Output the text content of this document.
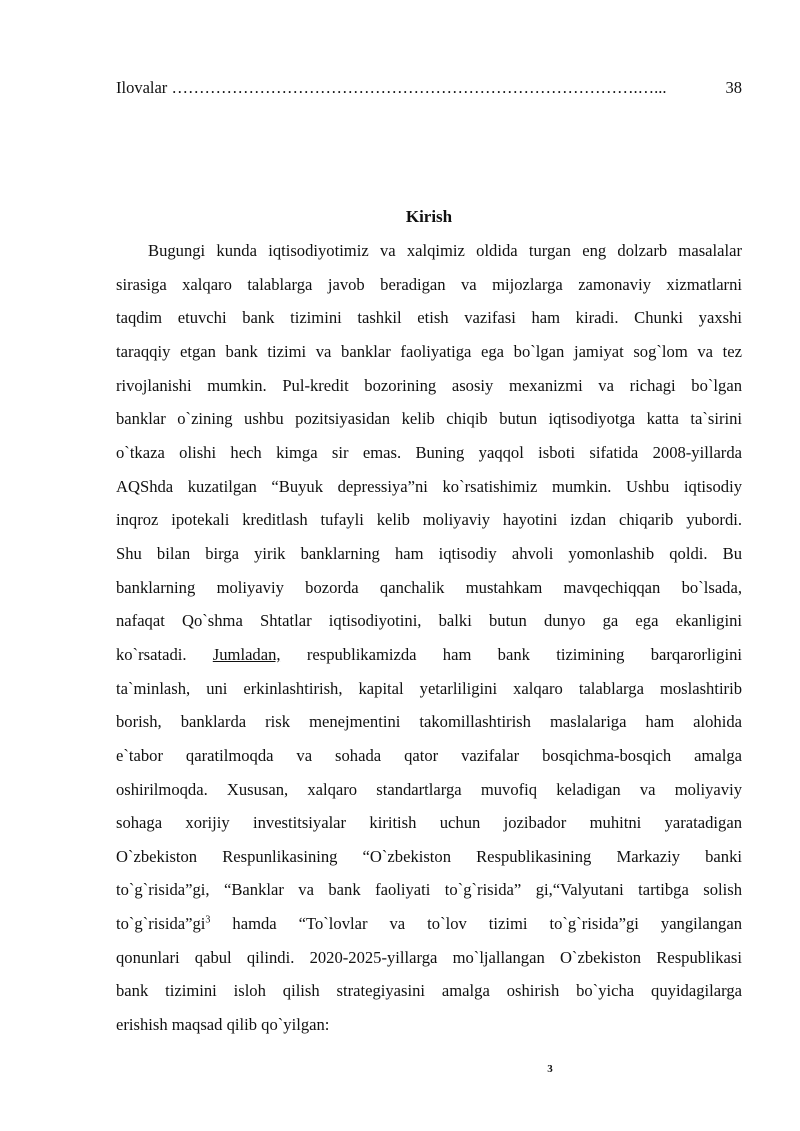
Ilovalar ………………………………………………………………………….…...	38
Kirish
Bugungi kunda iqtisodiyotimiz va xalqimiz oldida turgan eng dolzarb masalalar
sirasiga xalqaro talablarga javob beradigan va mijozlarga zamonaviy xizmatlarni
taqdim etuvchi bank tizimini tashkil etish vazifasi ham kiradi. Chunki yaxshi
taraqqiy etgan bank tizimi va banklar faoliyatiga ega bo`lgan jamiyat sog`lom va tez
rivojlanishi mumkin. Pul-kredit bozorining asosiy mexanizmi va richagi bo`lgan
banklar o`zining ushbu pozitsiyasidan kelib chiqib butun iqtisodiyotga katta ta`sirini
o`tkaza olishi hech kimga sir emas. Buning yaqqol isboti sifatida 2008-yillarda
AQShda kuzatilgan “Buyuk depressiya”ni ko`rsatishimiz mumkin. Ushbu iqtisodiy
inqroz ipotekali kreditlash tufayli kelib moliyaviy hayotini izdan chiqarib yubordi.
Shu bilan birga yirik banklarning ham iqtisodiy ahvoli yomonlashib qoldi. Bu
banklarning moliyaviy bozorda qanchalik mustahkam mavqechiqqan bo`lsada,
nafaqat Qo`shma Shtatlar iqtisodiyotini, balki butun dunyo ga ega ekanligini
ko`rsatadi. Jumladan, respublikamizda ham bank tizimining barqarorligini
ta`minlash, uni erkinlashtirish, kapital yetarliligini xalqaro talablarga moslashtirib
borish, banklarda risk menejmentini takomillashtirish maslalariga ham alohida
e`tabor qaratilmoqda va sohada qator vazifalar bosqichma-bosqich amalga
oshirilmoqda. Xususan, xalqaro standartlarga muvofiq keladigan va moliyaviy
sohaga xorijiy investitsiyalar kiritish uchun jozibador muhitni yaratadigan
O`zbekiston Respunlikasining “O`zbekiston Respublikasining Markaziy banki
to`g`risida”gi, “Banklar va bank faoliyati to`g`risida” gi,“Valyutani tartibga solish
$to`g`risida”gi^3$ hamda “To`lovlar va to`lov tizimi to`g`risida”gi yangilangan
qonunlari qabul qilindi. 2020-2025-yillarga mo`ljallangan O`zbekiston Respublikasi
bank tizimini isloh qilish strategiyasini amalga oshirish bo`yicha quyidagilarga
erishish maqsad qilib qo`yilgan:
3
